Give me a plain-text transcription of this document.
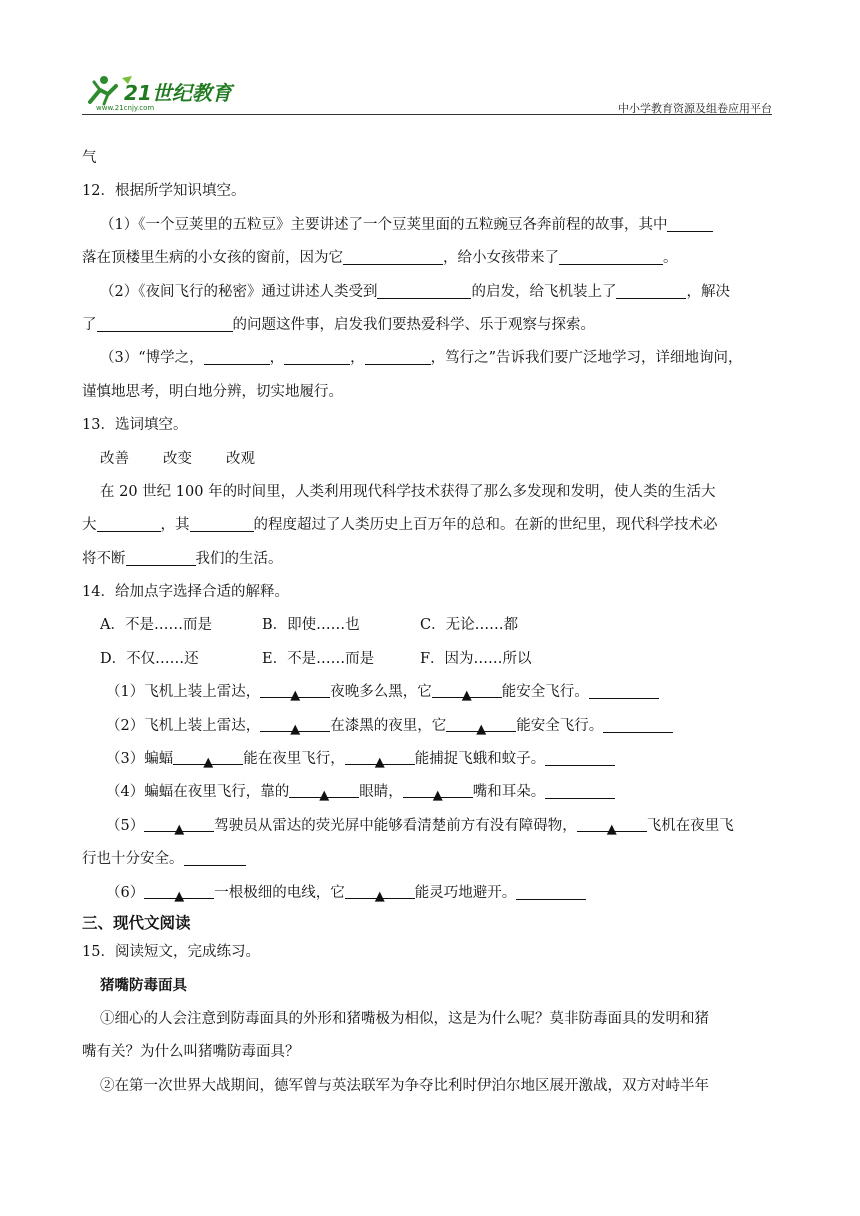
21世纪教育
www.21cnjy.com	中小学教育资源及组卷应用平台
气
12．根据所学知识填空。
（1）《一个豆荚里的五粒豆》主要讲述了一个豆荚里面的五粒豌豆各奔前程的故事，其中
落在顶楼里生病的小女孩的窗前，因为它	，给小女孩带来了	。
（2）《夜间飞行的秘密》通过讲述人类受到	的启发，给飞机装上了	，解决
了	的问题这件事，启发我们要热爱科学、乐于观察与探索。
（3）“博学之，	，	，	，笃行之”告诉我们要广泛地学习，详细地询问，
谨慎地思考，明白地分辨，切实地履行。
13．选词填空。
改善 改变 改观
在 20 世纪 100 年的时间里，人类利用现代科学技术获得了那么多发现和发明，使人类的生活大
大	，其	的程度超过了人类历史上百万年的总和。在新的世纪里，现代科学技术必
将不断	我们的生活。
14．给加点字选择合适的解释。
A．不是……而是	B．即使……也	C．无论……都
D．不仅……还	E．不是……而是	F．因为……所以
（1）飞机上装上雷达， ▲ 夜晚多么黑，它 ▲ 能安全飞行。
（2）飞机上装上雷达， ▲ 在漆黑的夜里，它 ▲ 能安全飞行。
（3）蝙蝠 ▲ 能在夜里飞行， ▲ 能捕捉飞蛾和蚊子。
（4）蝙蝠在夜里飞行，靠的 ▲ 眼睛， ▲ 嘴和耳朵。
（5） ▲ 驾驶员从雷达的荧光屏中能够看清楚前方有没有障碍物， ▲ 飞机在夜里飞
行也十分安全。
（6） ▲ 一根极细的电线，它 ▲ 能灵巧地避开。
三、现代文阅读
15．阅读短文，完成练习。
猪嘴防毒面具
①细心的人会注意到防毒面具的外形和猪嘴极为相似，这是为什么呢？莫非防毒面具的发明和猪
嘴有关？为什么叫猪嘴防毒面具？
②在第一次世界大战期间，德军曾与英法联军为争夺比利时伊泊尔地区展开激战，双方对峙半年
